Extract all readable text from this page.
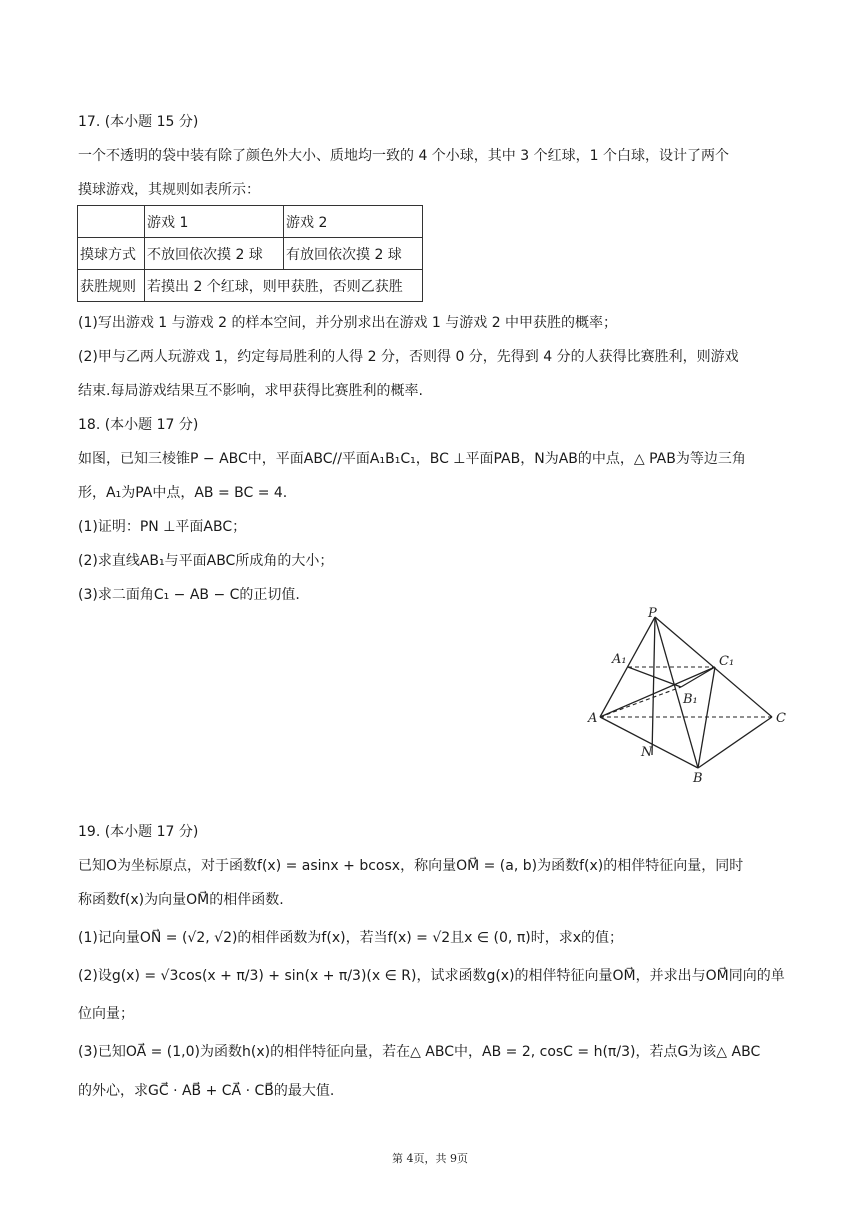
17. (本小题 15 分)
一个不透明的袋中装有除了颜色外大小、质地均一致的 4 个小球，其中 3 个红球，1 个白球，设计了两个
摸球游戏，其规则如表所示：
	游戏 1	游戏 2
摸球方式	不放回依次摸 2 球	有放回依次摸 2 球
获胜规则	若摸出 2 个红球，则甲获胜，否则乙获胜	
(1)写出游戏 1 与游戏 2 的样本空间，并分别求出在游戏 1 与游戏 2 中甲获胜的概率；
(2)甲与乙两人玩游戏 1，约定每局胜利的人得 2 分，否则得 0 分，先得到 4 分的人获得比赛胜利，则游戏
结束.每局游戏结果互不影响，求甲获得比赛胜利的概率.
18. (本小题 17 分)
如图，已知三棱锥P − ABC中，平面ABC//平面A₁B₁C₁，BC ⊥平面PAB，N为AB的中点，△ PAB为等边三角
形，A₁为PA中点，AB = BC = 4.
(1)证明：PN ⊥平面ABC；
(2)求直线AB₁与平面ABC所成角的大小；
(3)求二面角C₁ − AB − C的正切值.
P
A₁	C₁
B₁
A	C
N
B
19. (本小题 17 分)
已知O为坐标原点，对于函数f(x) = asinx + bcosx，称向量OM⃗ = (a, b)为函数f(x)的相伴特征向量，同时
称函数f(x)为向量OM⃗的相伴函数.
(1)记向量ON⃗ = (√2, √2)的相伴函数为f(x)，若当f(x) = √2且x ∈ (0, π)时，求x的值；
(2)设g(x) = √3cos(x + π/3) + sin(x + π/3)(x ∈ R)，试求函数g(x)的相伴特征向量OM⃗，并求出与OM⃗同向的单
位向量；
(3)已知OA⃗ = (1,0)为函数h(x)的相伴特征向量，若在△ ABC中，AB = 2, cosC = h(π/3)，若点G为该△ ABC
的外心，求GC⃗ · AB⃗ + CA⃗ · CB⃗的最大值.
第 4页，共 9页
